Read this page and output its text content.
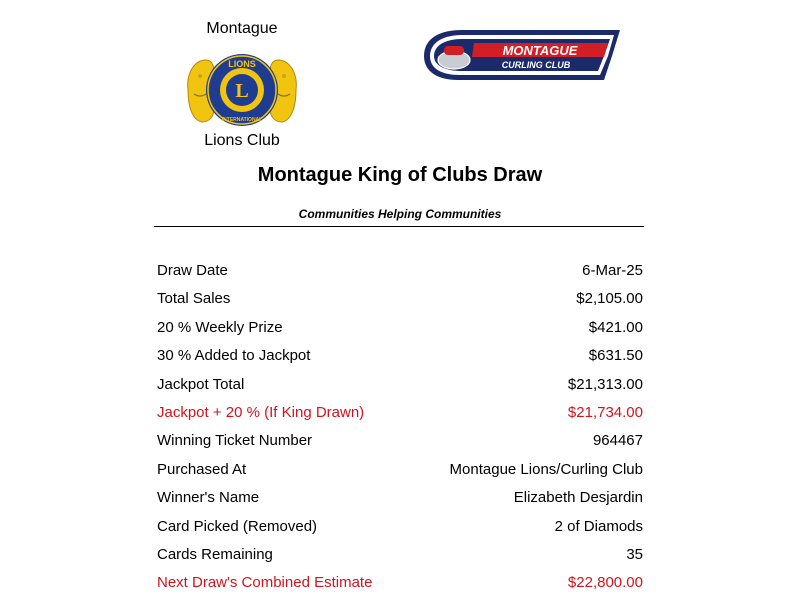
Montague
L
LIONS
INTERNATIONAL
Lions Club
MONTAGUE
CURLING CLUB
Montague King of Clubs Draw
Communities Helping Communities
Draw Date	6-Mar-25
Total Sales	$2,105.00
20 % Weekly Prize	$421.00
30 % Added to Jackpot	$631.50
Jackpot Total	$21,313.00
Jackpot + 20 % (If King Drawn)	$21,734.00
Winning Ticket Number	964467
Purchased At	Montague Lions/Curling Club
Winner's Name	Elizabeth Desjardin
Card Picked (Removed)	2 of Diamods
Cards Remaining	35
Next Draw's Combined Estimate	$22,800.00
